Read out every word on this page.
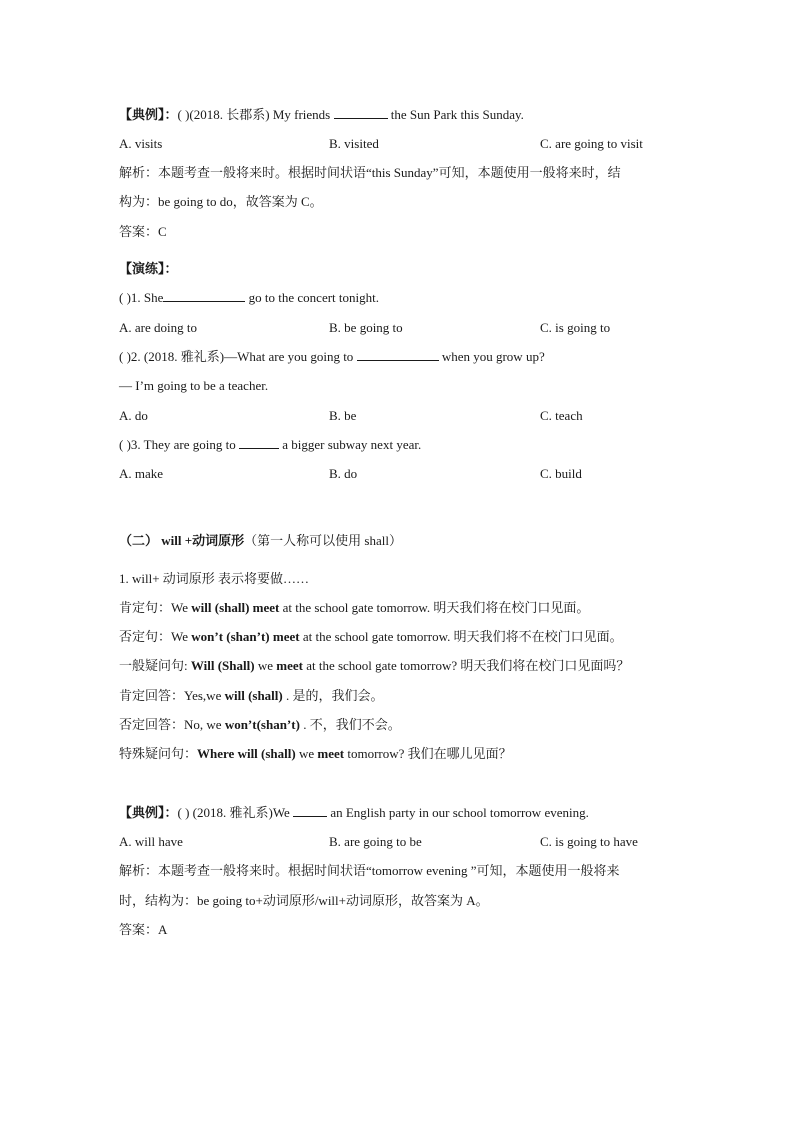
【典例】：( )(2018. 长郡系) My friends	the Sun Park this Sunday.
A. visits	B. visited	C. are going to visit
解析：本题考查一般将来时。根据时间状语“this Sunday”可知，本题使用一般将来时，结
构为：be going to do，故答案为 C。
答案：C
【演练】：
( )1. She	go to the concert tonight.
A. are doing to	B. be going to	C. is going to
( )2. (2018. 雅礼系)—What are you going to	when you grow up?
— I’m going to be a teacher.
A. do	B. be	C. teach
( )3. They are going to	a bigger subway next year.
A. make	B. do	C. build
（二） will +动词原形（第一人称可以使用 shall）
1. will+ 动词原形 表示将要做……
肯定句：We will (shall) meet at the school gate tomorrow. 明天我们将在校门口见面。
否定句：We won’t (shan’t) meet at the school gate tomorrow. 明天我们将不在校门口见面。
一般疑问句: Will (Shall) we meet at the school gate tomorrow? 明天我们将在校门口见面吗？
肯定回答：Yes,we will (shall) . 是的，我们会。
否定回答：No, we won’t(shan’t) . 不，我们不会。
特殊疑问句：Where will (shall) we meet tomorrow? 我们在哪儿见面？
【典例】：( ) (2018. 雅礼系)We	an English party in our school tomorrow evening.
A. will have	B. are going to be	C. is going to have
解析：本题考查一般将来时。根据时间状语“tomorrow evening ”可知，本题使用一般将来
时，结构为：be going to+动词原形/will+动词原形，故答案为 A。
答案：A
